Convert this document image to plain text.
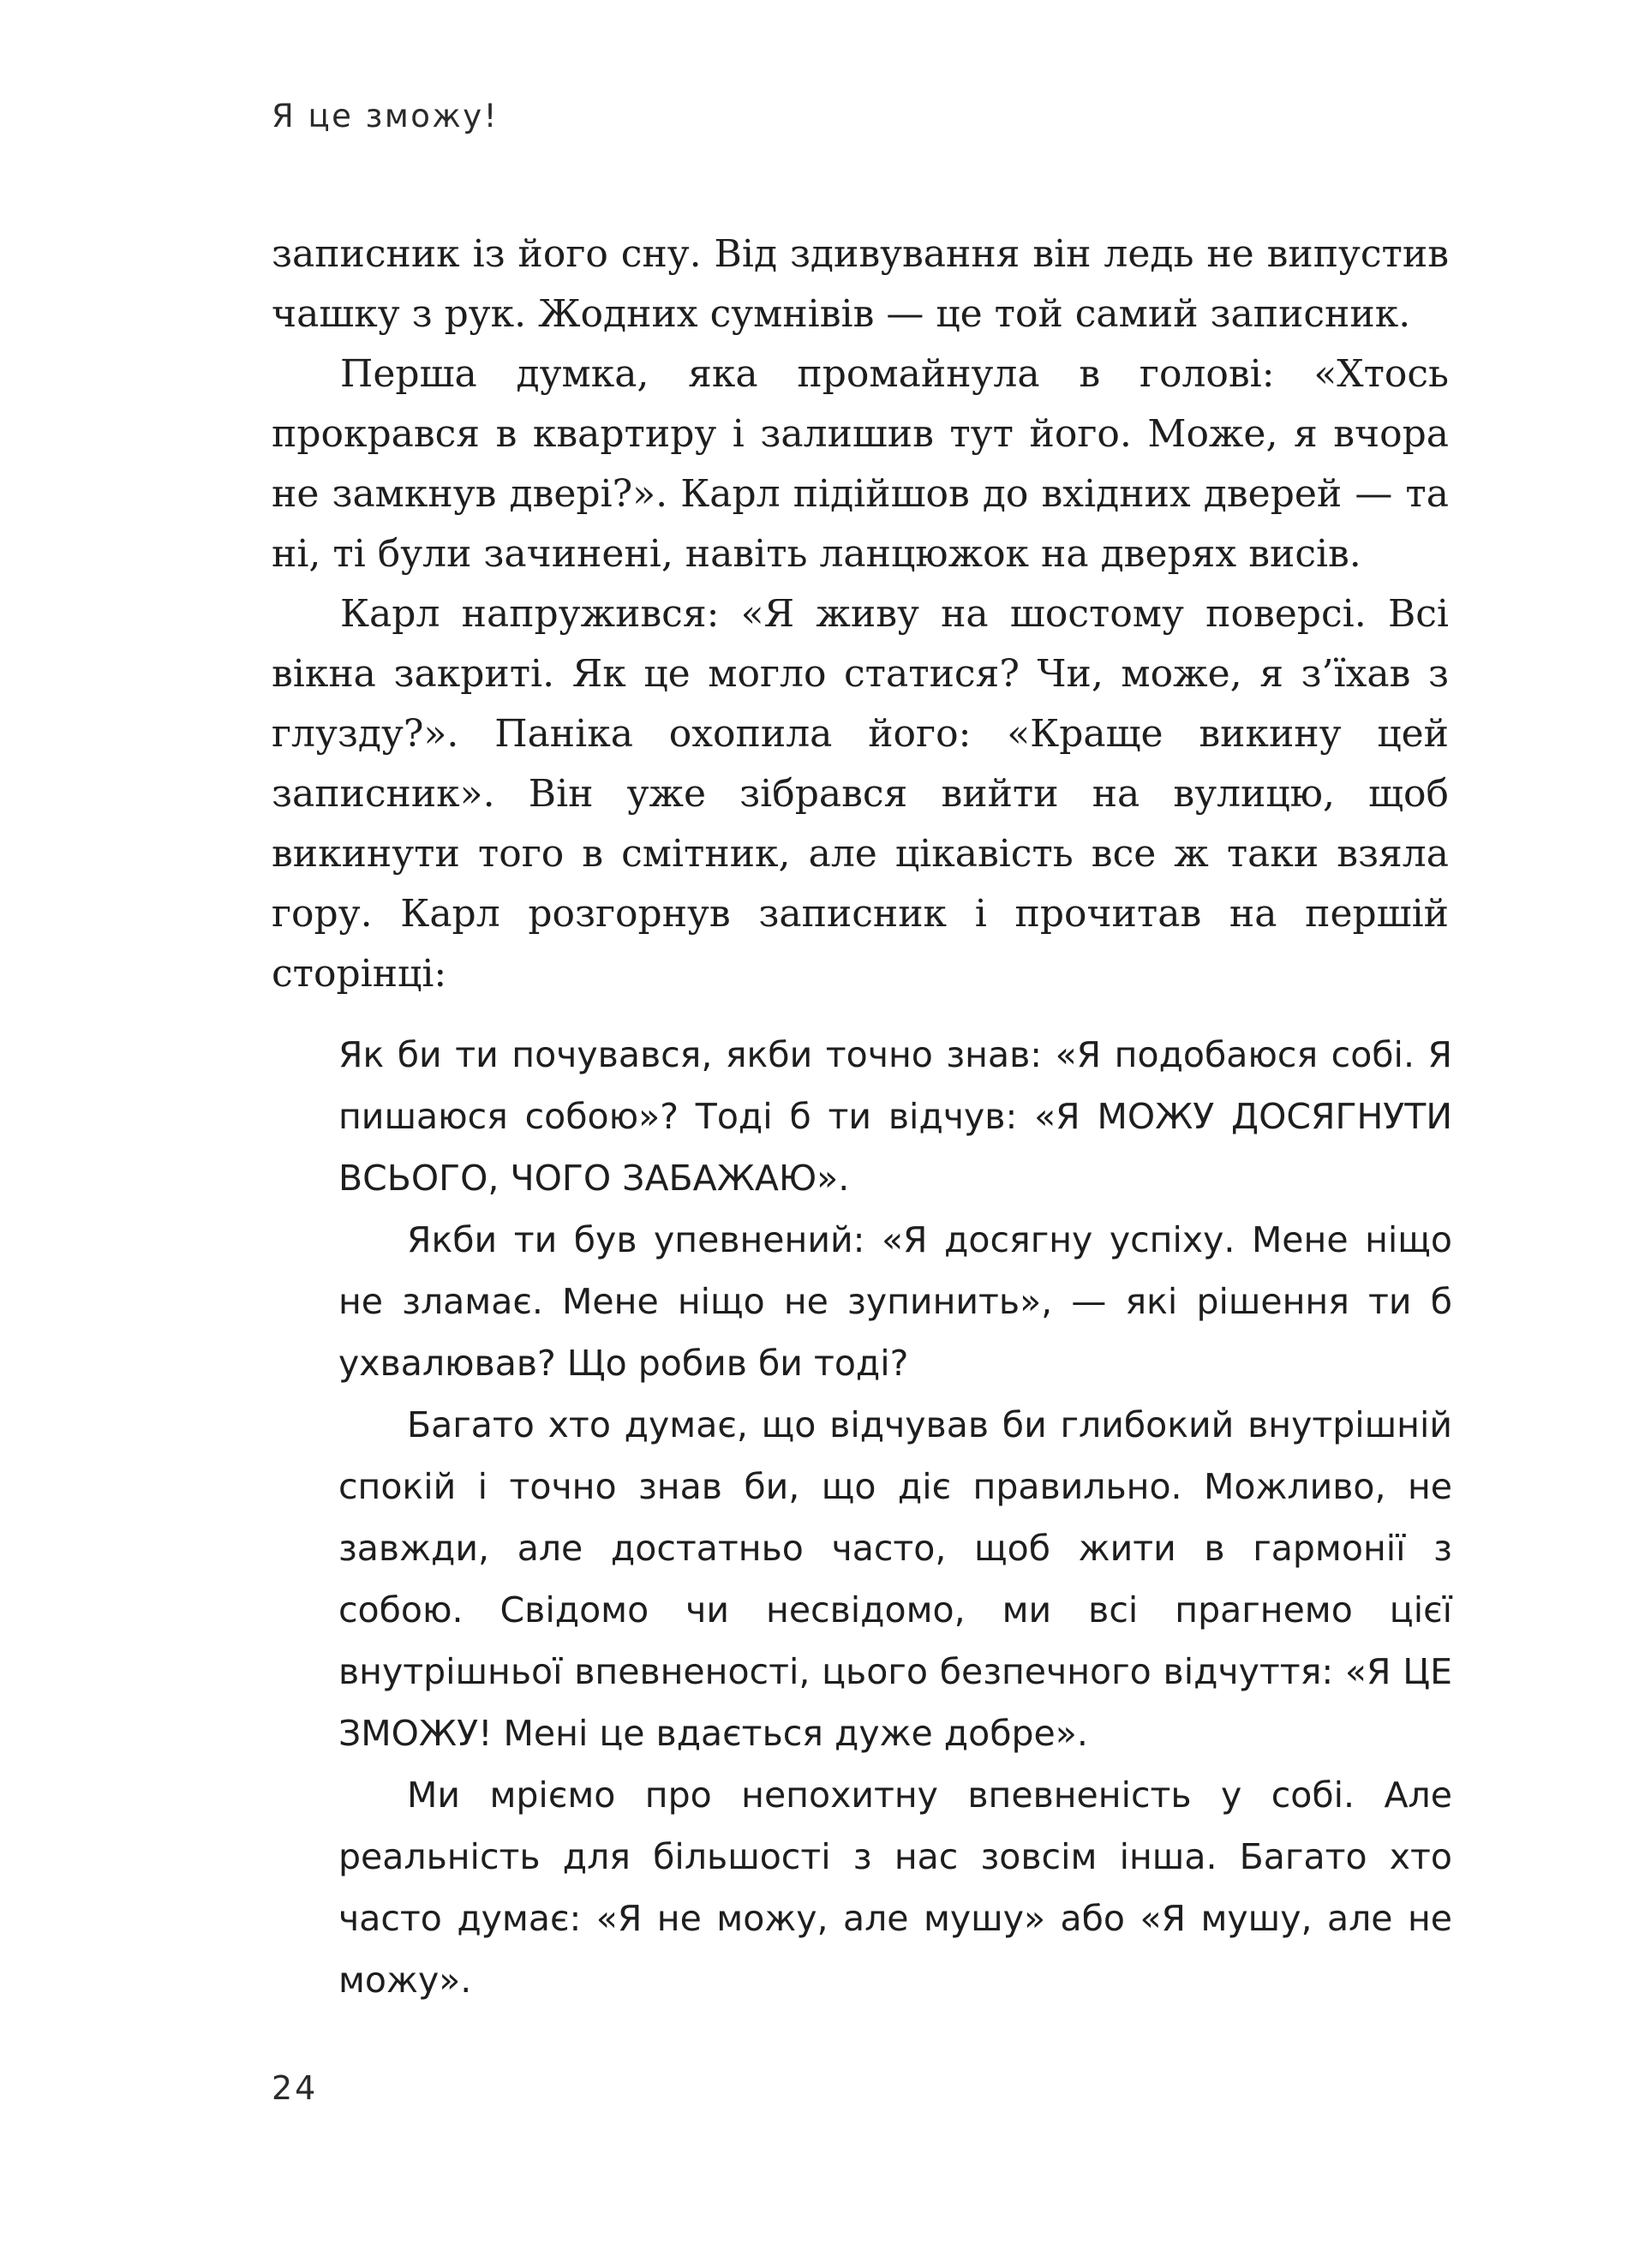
Я це зможу!

записник із його сну. Від здивування він ледь не випустив чашку з рук. Жодних сумнівів — це той самий записник.

Перша думка, яка промайнула в голові: «Хтось прокрався в квартиру і залишив тут його. Може, я вчора не замкнув двері?». Карл підійшов до вхідних дверей — та ні, ті були зачинені, навіть ланцюжок на дверях висів.

Карл напружився: «Я живу на шостому поверсі. Всі вікна закриті. Як це могло статися? Чи, може, я з’їхав з глузду?». Паніка охопила його: «Краще викину цей записник». Він уже зібрався вийти на вулицю, щоб викинути того в смітник, але цікавість все ж таки взяла гору. Карл розгорнув записник і прочитав на першій сторінці:

Як би ти почувався, якби точно знав: «Я подобаюся собі. Я пишаюся собою»? Тоді б ти відчув: «Я МОЖУ ДОСЯГНУТИ ВСЬОГО, ЧОГО ЗАБАЖАЮ».

Якби ти був упевнений: «Я досягну успіху. Мене ніщо не зламає. Мене ніщо не зупинить», — які рішення ти б ухвалював? Що робив би тоді?

Багато хто думає, що відчував би глибокий внутрішній спокій і точно знав би, що діє правильно. Можливо, не завжди, але достатньо часто, щоб жити в гармонії з собою. Свідомо чи несвідомо, ми всі прагнемо цієї внутрішньої впевненості, цього безпечного відчуття: «Я ЦЕ ЗМОЖУ! Мені це вдається дуже добре».

Ми мріємо про непохитну впевненість у собі. Але реальність для більшості з нас зовсім інша. Багато хто часто думає: «Я не можу, але мушу» або «Я мушу, але не можу».

24
